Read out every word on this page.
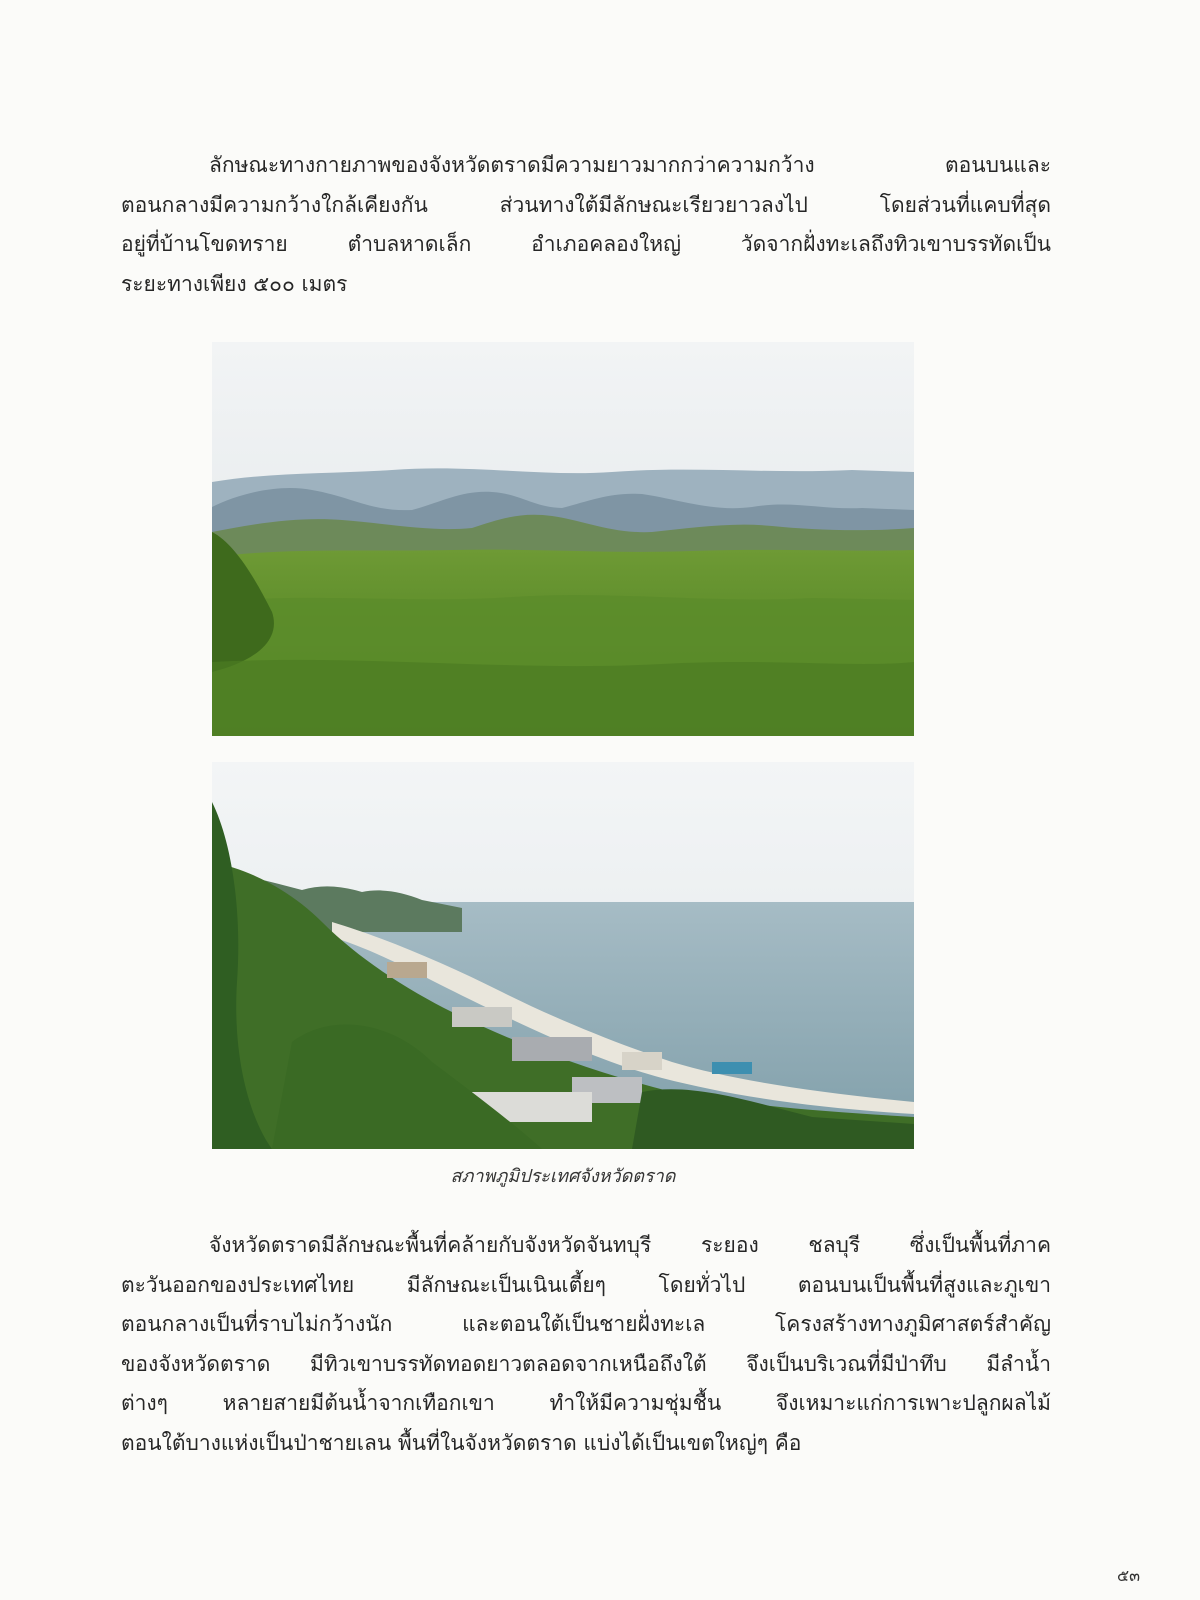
ลักษณะทางกายภาพของจังหวัดตราดมีความยาวมากกว่าความกว้าง ตอนบนและ
ตอนกลางมีความกว้างใกล้เคียงกัน ส่วนทางใต้มีลักษณะเรียวยาวลงไป โดยส่วนที่แคบที่สุด
อยู่ที่บ้านโขดทราย ตำบลหาดเล็ก อำเภอคลองใหญ่ วัดจากฝั่งทะเลถึงทิวเขาบรรทัดเป็น
ระยะทางเพียง ๕๐๐ เมตร
สภาพภูมิประเทศจังหวัดตราด
จังหวัดตราดมีลักษณะพื้นที่คล้ายกับจังหวัดจันทบุรี ระยอง ชลบุรี ซึ่งเป็นพื้นที่ภาค
ตะวันออกของประเทศไทย มีลักษณะเป็นเนินเตี้ยๆ โดยทั่วไป ตอนบนเป็นพื้นที่สูงและภูเขา
ตอนกลางเป็นที่ราบไม่กว้างนัก และตอนใต้เป็นชายฝั่งทะเล โครงสร้างทางภูมิศาสตร์สำคัญ
ของจังหวัดตราด มีทิวเขาบรรทัดทอดยาวตลอดจากเหนือถึงใต้ จึงเป็นบริเวณที่มีป่าทึบ มีลำน้ำ
ต่างๆ หลายสายมีต้นน้ำจากเทือกเขา ทำให้มีความชุ่มชื้น จึงเหมาะแก่การเพาะปลูกผลไม้
ตอนใต้บางแห่งเป็นป่าชายเลน พื้นที่ในจังหวัดตราด แบ่งได้เป็นเขตใหญ่ๆ คือ
๕๓
